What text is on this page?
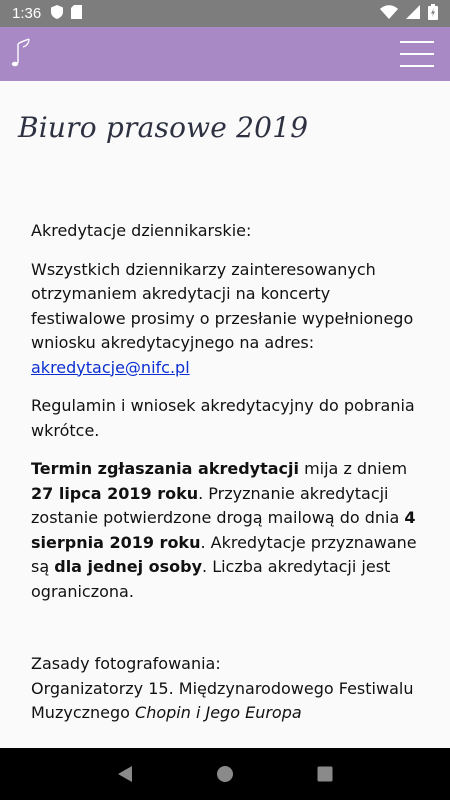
1:36
Biuro prasowe 2019
Akredytacje dziennikarskie:

Wszystkich dziennikarzy zainteresowanych otrzymaniem akredytacji na koncerty festiwalowe prosimy o przesłanie wypełnionego wniosku akredytacyjnego na adres: akredytacje@nifc.pl

Regulamin i wniosek akredytacyjny do pobrania wkrótce.

Termin zgłaszania akredytacji mija z dniem 27 lipca 2019 roku. Przyznanie akredytacji zostanie potwierdzone drogą mailową do dnia 4 sierpnia 2019 roku. Akredytacje przyznawane są dla jednej osoby. Liczba akredytacji jest ograniczona.

Zasady fotografowania:

Organizatorzy 15. Międzynarodowego Festiwalu Muzycznego Chopin i Jego Europa
